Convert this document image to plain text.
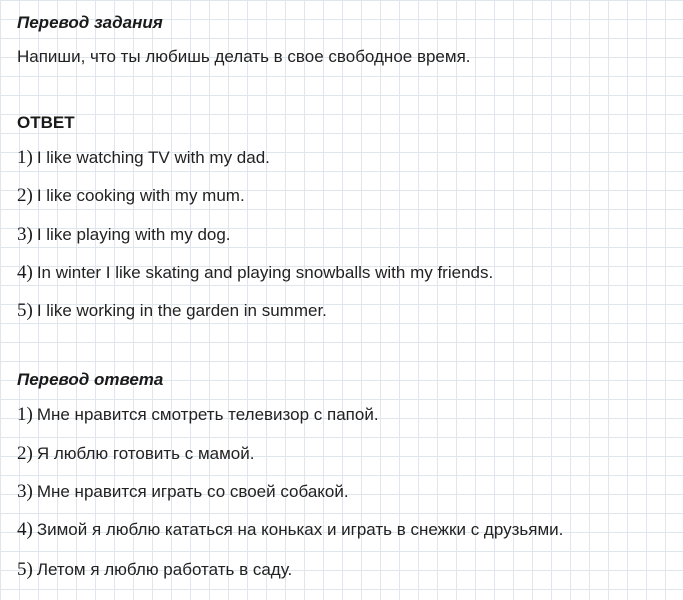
Перевод задания
Напиши, что ты любишь делать в свое свободное время.
ОТВЕТ
1) I like watching TV with my dad.
2) I like cooking with my mum.
3) I like playing with my dog.
4) In winter I like skating and playing snowballs with my friends.
5) I like working in the garden in summer.
Перевод ответа
1) Мне нравится смотреть телевизор с папой.
2) Я люблю готовить с мамой.
3) Мне нравится играть со своей собакой.
4) Зимой я люблю кататься на коньках и играть в снежки с друзьями.
5) Летом я люблю работать в саду.
